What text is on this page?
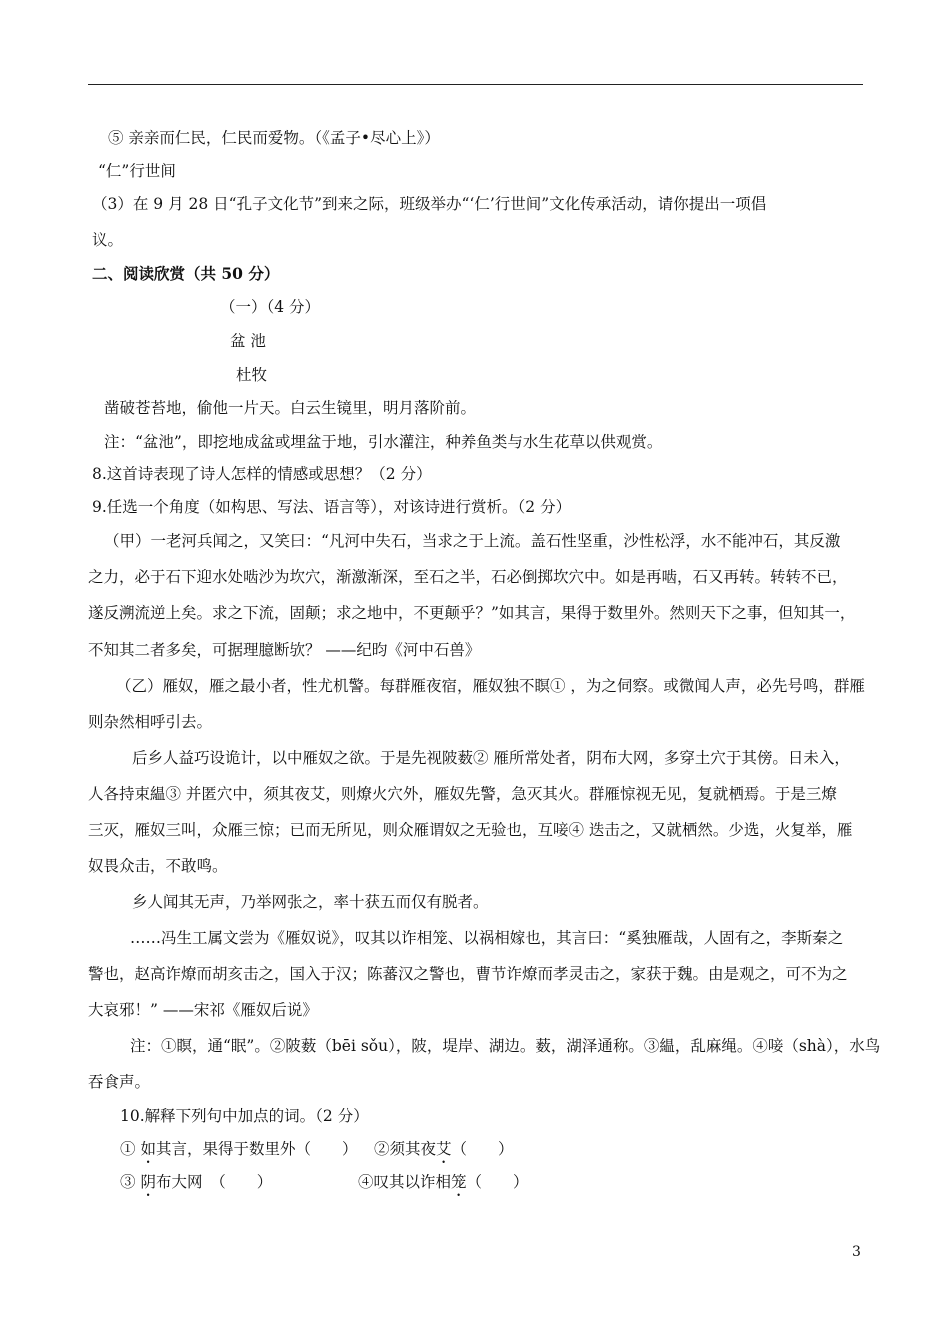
⑤ 亲亲而仁民，仁民而爱物。（《孟子•尽心上》）
“仁”行世间
（3）在 9 月 28 日“孔子文化节”到来之际，班级举办“‘仁’行世间”文化传承活动，请你提出一项倡
议。
二、阅读欣赏（共 50 分）
（一）（4 分）
盆 池
杜牧
凿破苍苔地，偷他一片天。白云生镜里，明月落阶前。
注：“盆池”，即挖地成盆或埋盆于地，引水灌注，种养鱼类与水生花草以供观赏。
8.这首诗表现了诗人怎样的情感或思想？（2 分）
9.任选一个角度（如构思、写法、语言等），对该诗进行赏析。（2 分）
（甲）一老河兵闻之，又笑曰：“凡河中失石，当求之于上流。盖石性坚重，沙性松浮，水不能冲石，其反激
之力，必于石下迎水处啮沙为坎穴，渐激渐深，至石之半，石必倒掷坎穴中。如是再啮，石又再转。转转不已，
遂反溯流逆上矣。求之下流，固颠；求之地中，不更颠乎？”如其言，果得于数里外。然则天下之事，但知其一，
不知其二者多矣，可据理臆断欤？ ——纪昀《河中石兽》
（乙）雁奴，雁之最小者，性尤机警。每群雁夜宿，雁奴独不瞑① ，为之伺察。或微闻人声，必先号鸣，群雁
则杂然相呼引去。
后乡人益巧设诡计，以中雁奴之欲。于是先视陂薮② 雁所常处者，阴布大网，多穿土穴于其傍。日未入，
人各持束緼③ 并匿穴中，须其夜艾，则燎火穴外，雁奴先警，急灭其火。群雁惊视无见，复就栖焉。于是三燎
三灭，雁奴三叫，众雁三惊；已而无所见，则众雁谓奴之无验也，互唼④ 迭击之，又就栖然。少选，火复举，雁
奴畏众击，不敢鸣。
乡人闻其无声，乃举网张之，率十获五而仅有脱者。
……冯生工属文尝为《雁奴说》，叹其以诈相笼、以祸相嫁也，其言曰：“奚独雁哉，人固有之，李斯秦之
警也，赵高诈燎而胡亥击之，国入于汉；陈蕃汉之警也，曹节诈燎而孝灵击之，家获于魏。由是观之，可不为之
大哀邪！” ——宋祁《雁奴后说》
注：①瞑，通“眠”。②陂薮（bēi sǒu），陂，堤岸、湖边。薮，湖泽通称。③緼，乱麻绳。④唼（shà），水鸟
吞食声。
10.解释下列句中加点的词。（2 分）
① 如其言，果得于数里外（　　） ②须其夜艾（　　）
③ 阴布大网　（　　）	④叹其以诈相笼（　　）
3
